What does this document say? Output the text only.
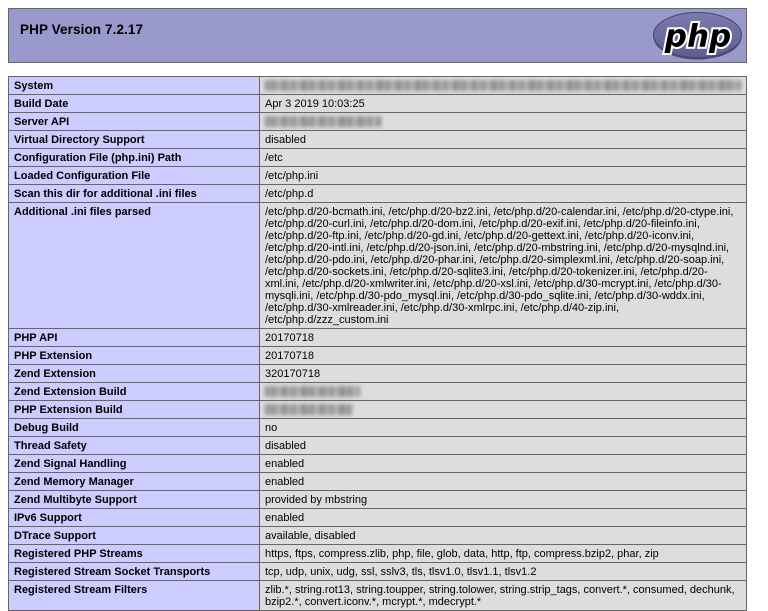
PHP Version 7.2.17	php
System	
Build Date	Apr 3 2019 10:03:25
Server API	
Virtual Directory Support	disabled
Configuration File (php.ini) Path	/etc
Loaded Configuration File	/etc/php.ini
Scan this dir for additional .ini files	/etc/php.d
Additional .ini files parsed	/etc/php.d/20-bcmath.ini, /etc/php.d/20-bz2.ini, /etc/php.d/20-calendar.ini, /etc/php.d/20-ctype.ini, /etc/php.d/20-curl.ini, /etc/php.d/20-dom.ini, /etc/php.d/20-exif.ini, /etc/php.d/20-fileinfo.ini, /etc/php.d/20-ftp.ini, /etc/php.d/20-gd.ini, /etc/php.d/20-gettext.ini, /etc/php.d/20-iconv.ini, /etc/php.d/20-intl.ini, /etc/php.d/20-json.ini, /etc/php.d/20-mbstring.ini, /etc/php.d/20-mysqlnd.ini, /etc/php.d/20-pdo.ini, /etc/php.d/20-phar.ini, /etc/php.d/20-simplexml.ini, /etc/php.d/20-soap.ini, /etc/php.d/20-sockets.ini, /etc/php.d/20-sqlite3.ini, /etc/php.d/20-tokenizer.ini, /etc/php.d/20-xml.ini, /etc/php.d/20-xmlwriter.ini, /etc/php.d/20-xsl.ini, /etc/php.d/30-mcrypt.ini, /etc/php.d/30-mysqli.ini, /etc/php.d/30-pdo_mysql.ini, /etc/php.d/30-pdo_sqlite.ini, /etc/php.d/30-wddx.ini, /etc/php.d/30-xmlreader.ini, /etc/php.d/30-xmlrpc.ini, /etc/php.d/40-zip.ini, /etc/php.d/zzz_custom.ini
PHP API	20170718
PHP Extension	20170718
Zend Extension	320170718
Zend Extension Build	
PHP Extension Build	
Debug Build	no
Thread Safety	disabled
Zend Signal Handling	enabled
Zend Memory Manager	enabled
Zend Multibyte Support	provided by mbstring
IPv6 Support	enabled
DTrace Support	available, disabled
Registered PHP Streams	https, ftps, compress.zlib, php, file, glob, data, http, ftp, compress.bzip2, phar, zip
Registered Stream Socket Transports	tcp, udp, unix, udg, ssl, sslv3, tls, tlsv1.0, tlsv1.1, tlsv1.2
Registered Stream Filters	zlib.*, string.rot13, string.toupper, string.tolower, string.strip_tags, convert.*, consumed, dechunk, bzip2.*, convert.iconv.*, mcrypt.*, mdecrypt.*
